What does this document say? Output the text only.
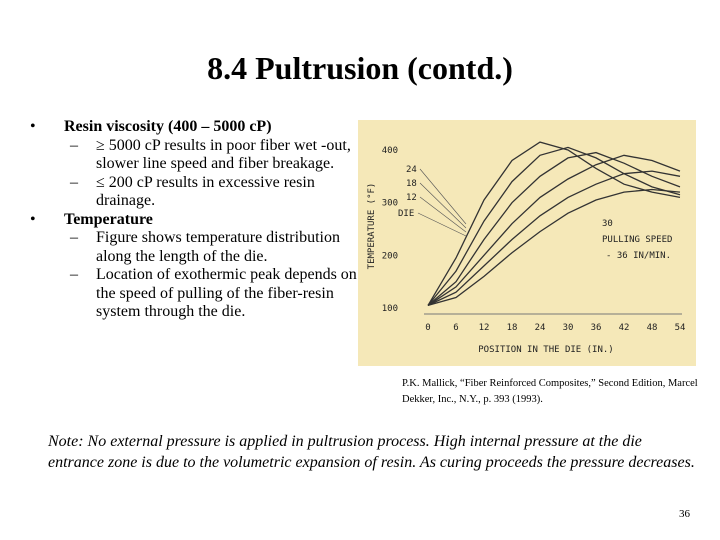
8.4 Pultrusion (contd.)
• Resin viscosity (400 – 5000 cP)
– ≥ 5000 cP results in poor fiber wet -out, slower line speed and fiber breakage.
– ≤ 200 cP results in excessive resin drainage.
• Temperature
– Figure shows temperature distribution along the length of the die.
– Location of exothermic peak depends on the speed of pulling of the fiber-resin system through the die.
0	6 12 18 24 30 36 42 48 54
100
200
300
400
POSITION IN THE DIE (IN.)
TEMPERATURE (°F)
24
18
12
DIE
30
PULLING SPEED
- 36 IN/MIN.
P.K. Mallick, “Fiber Reinforced Composites,” Second Edition, Marcel Dekker, Inc., N.Y., p. 393 (1993).
Note: No external pressure is applied in pultrusion process. High internal pressure at the die entrance zone is due to the volumetric expansion of resin. As curing proceeds the pressure decreases.
36
